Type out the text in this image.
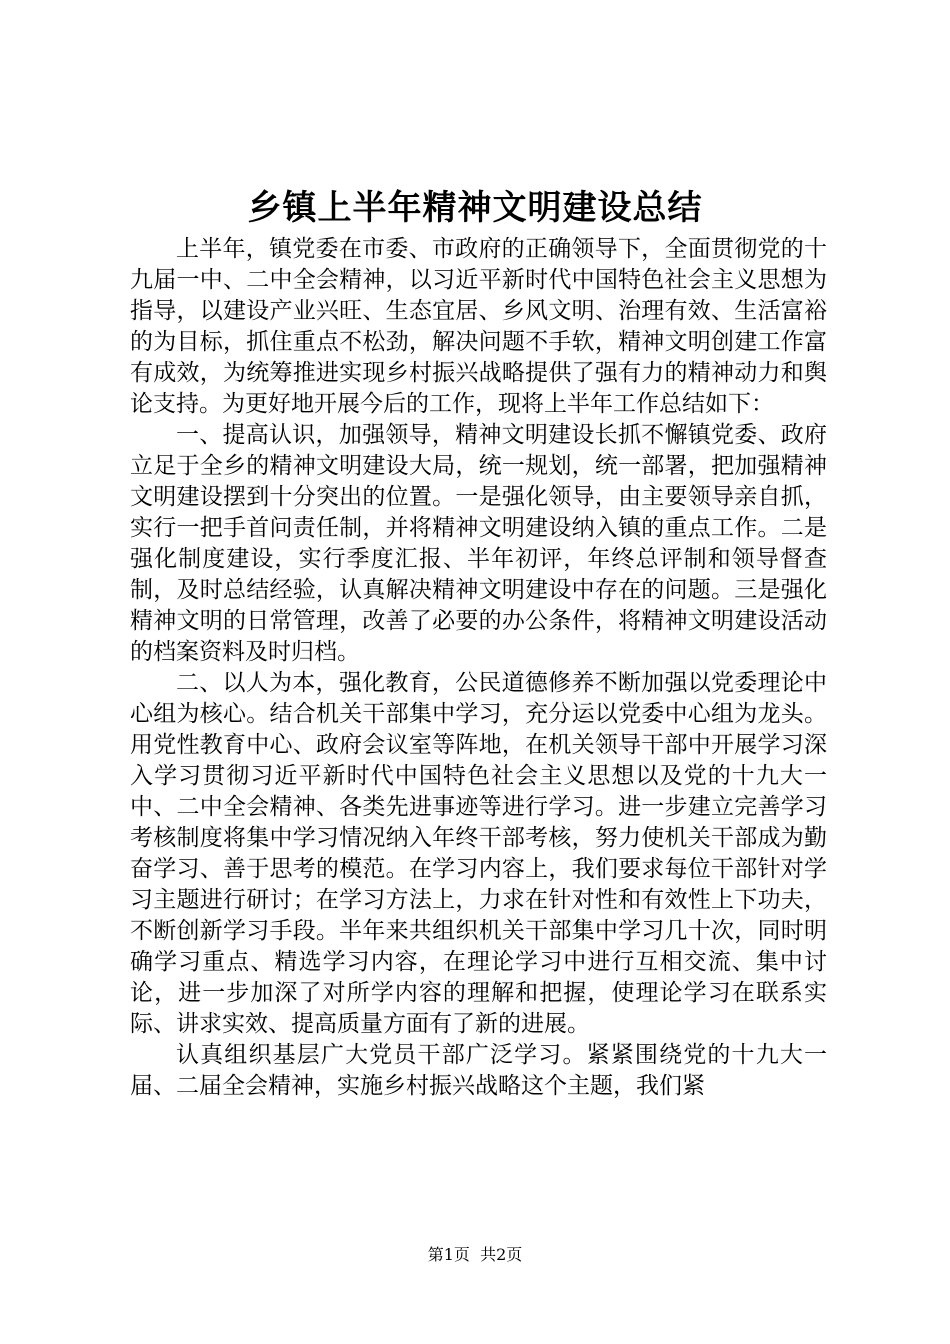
乡镇上半年精神文明建设总结

上半年，镇党委在市委、市政府的正确领导下，全面贯彻党的十九届一中、二中全会精神，以习近平新时代中国特色社会主义思想为指导，以建设产业兴旺、生态宜居、乡风文明、治理有效、生活富裕的为目标，抓住重点不松劲，解决问题不手软，精神文明创建工作富有成效，为统筹推进实现乡村振兴战略提供了强有力的精神动力和舆论支持。为更好地开展今后的工作，现将上半年工作总结如下：

一、提高认识，加强领导，精神文明建设长抓不懈镇党委、政府立足于全乡的精神文明建设大局，统一规划，统一部署，把加强精神文明建设摆到十分突出的位置。一是强化领导，由主要领导亲自抓，实行一把手首问责任制，并将精神文明建设纳入镇的重点工作。二是强化制度建设，实行季度汇报、半年初评，年终总评制和领导督查制，及时总结经验，认真解决精神文明建设中存在的问题。三是强化精神文明的日常管理，改善了必要的办公条件，将精神文明建设活动的档案资料及时归档。

二、以人为本，强化教育，公民道德修养不断加强以党委理论中心组为核心。结合机关干部集中学习，充分运以党委中心组为龙头。用党性教育中心、政府会议室等阵地，在机关领导干部中开展学习深入学习贯彻习近平新时代中国特色社会主义思想以及党的十九大一中、二中全会精神、各类先进事迹等进行学习。进一步建立完善学习考核制度将集中学习情况纳入年终干部考核，努力使机关干部成为勤奋学习、善于思考的模范。在学习内容上，我们要求每位干部针对学习主题进行研讨；在学习方法上，力求在针对性和有效性上下功夫，不断创新学习手段。半年来共组织机关干部集中学习几十次，同时明确学习重点、精选学习内容，在理论学习中进行互相交流、集中讨论，进一步加深了对所学内容的理解和把握，使理论学习在联系实际、讲求实效、提高质量方面有了新的进展。

认真组织基层广大党员干部广泛学习。紧紧围绕党的十九大一届、二届全会精神，实施乡村振兴战略这个主题，我们紧

第1页  共2页
